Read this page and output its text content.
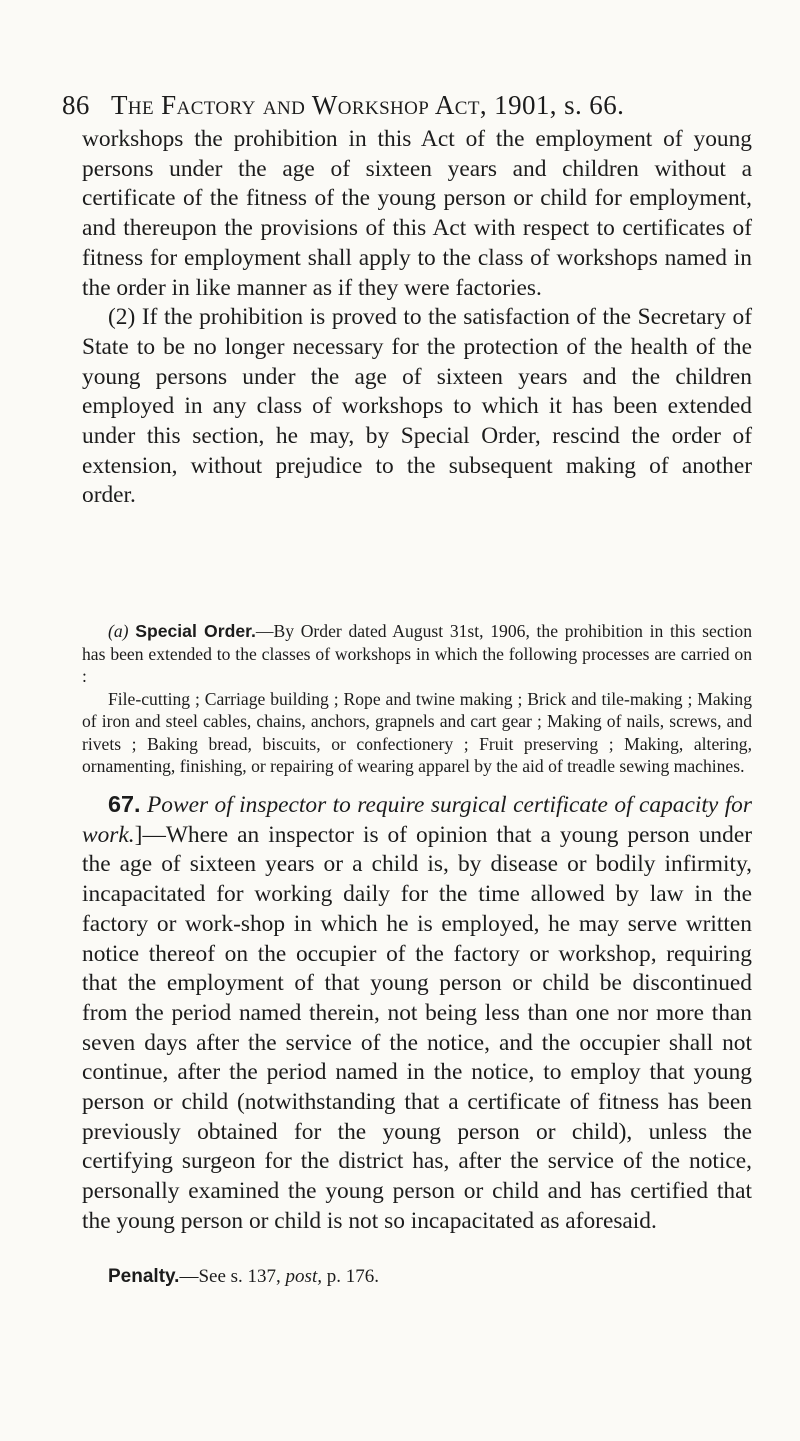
86 The Factory and Workshop Act, 1901, s. 66.

workshops the prohibition in this Act of the employment of young persons under the age of sixteen years and children without a certificate of the fitness of the young person or child for employment, and thereupon the provisions of this Act with respect to certificates of fitness for employment shall apply to the class of workshops named in the order in like manner as if they were factories.

(2) If the prohibition is proved to the satisfaction of the Secretary of State to be no longer necessary for the protection of the health of the young persons under the age of sixteen years and the children employed in any class of workshops to which it has been extended under this section, he may, by Special Order, rescind the order of extension, without prejudice to the subsequent making of another order.

(a) Special Order.—By Order dated August 31st, 1906, the prohibition in this section has been extended to the classes of workshops in which the following processes are carried on :

File-cutting ; Carriage building ; Rope and twine making ; Brick and tile-making ; Making of iron and steel cables, chains, anchors, grapnels and cart gear ; Making of nails, screws, and rivets ; Baking bread, biscuits, or confectionery ; Fruit preserving ; Making, altering, ornamenting, finishing, or repairing of wearing apparel by the aid of treadle sewing machines.

67. Power of inspector to require surgical certificate of capacity for work.]—Where an inspector is of opinion that a young person under the age of sixteen years or a child is, by disease or bodily infirmity, incapacitated for working daily for the time allowed by law in the factory or work-shop in which he is employed, he may serve written notice thereof on the occupier of the factory or workshop, requiring that the employment of that young person or child be discontinued from the period named therein, not being less than one nor more than seven days after the service of the notice, and the occupier shall not continue, after the period named in the notice, to employ that young person or child (notwithstanding that a certificate of fitness has been previously obtained for the young person or child), unless the certifying surgeon for the district has, after the service of the notice, personally examined the young person or child and has certified that the young person or child is not so incapacitated as aforesaid.
Penalty.—See s. 137, post, p. 176.
